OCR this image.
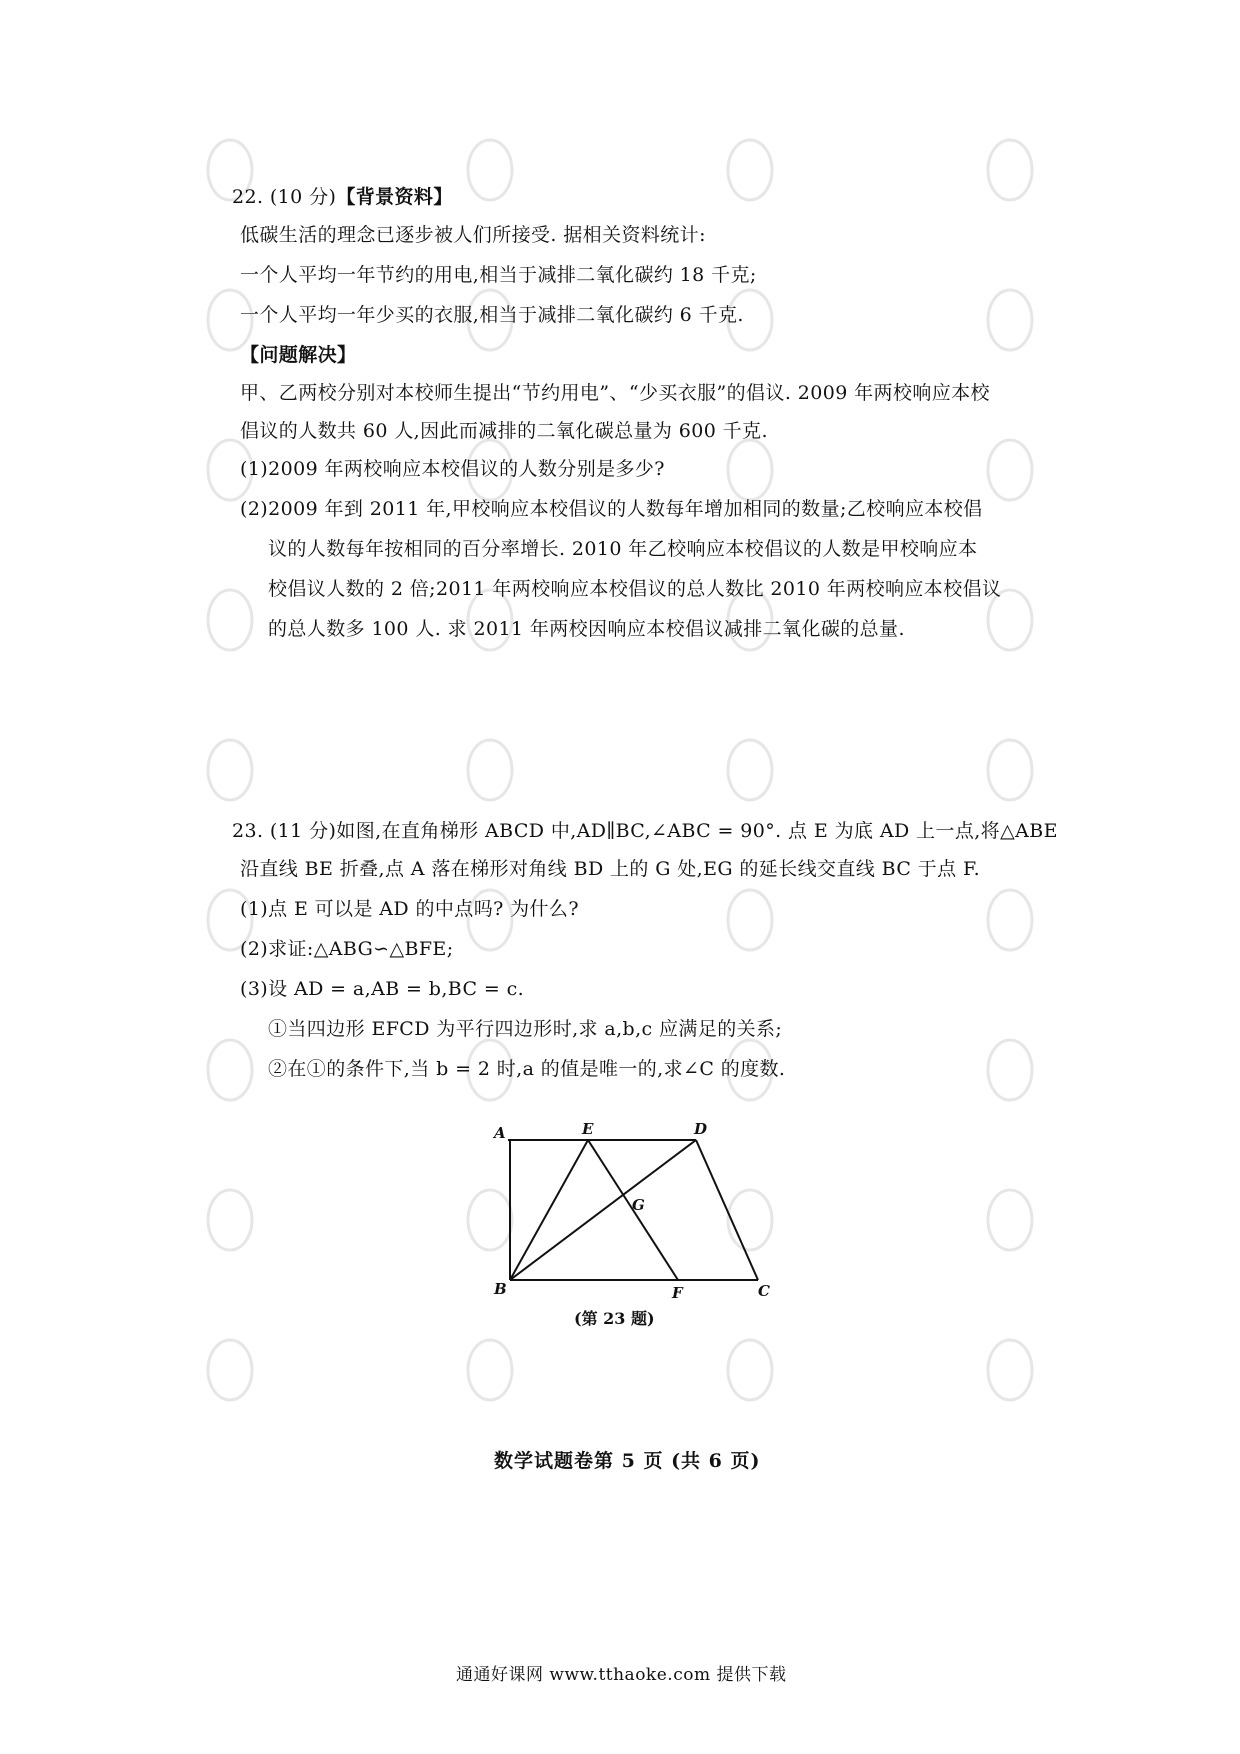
22. (10 分)【背景资料】
低碳生活的理念已逐步被人们所接受. 据相关资料统计:
一个人平均一年节约的用电,相当于减排二氧化碳约 18 千克;
一个人平均一年少买的衣服,相当于减排二氧化碳约 6 千克.
【问题解决】
甲、乙两校分别对本校师生提出“节约用电”、“少买衣服”的倡议. 2009 年两校响应本校
倡议的人数共 60 人,因此而减排的二氧化碳总量为 600 千克.
(1)2009 年两校响应本校倡议的人数分别是多少?
(2)2009 年到 2011 年,甲校响应本校倡议的人数每年增加相同的数量;乙校响应本校倡
议的人数每年按相同的百分率增长. 2010 年乙校响应本校倡议的人数是甲校响应本
校倡议人数的 2 倍;2011 年两校响应本校倡议的总人数比 2010 年两校响应本校倡议
的总人数多 100 人. 求 2011 年两校因响应本校倡议减排二氧化碳的总量.
23. (11 分)如图,在直角梯形 ABCD 中,AD∥BC,∠ABC = 90°. 点 E 为底 AD 上一点,将△ABE
沿直线 BE 折叠,点 A 落在梯形对角线 BD 上的 G 处,EG 的延长线交直线 BC 于点 F.
(1)点 E 可以是 AD 的中点吗? 为什么?
(2)求证:△ABG∽△BFE;
(3)设 AD = a,AB = b,BC = c.
①当四边形 EFCD 为平行四边形时,求 a,b,c 应满足的关系;
②在①的条件下,当 b = 2 时,a 的值是唯一的,求∠C 的度数.
A	E	D
G
B	F	C
(第 23 题)
数学试题卷第 5 页 (共 6 页)
通通好课网 www.tthaoke.com 提供下载
